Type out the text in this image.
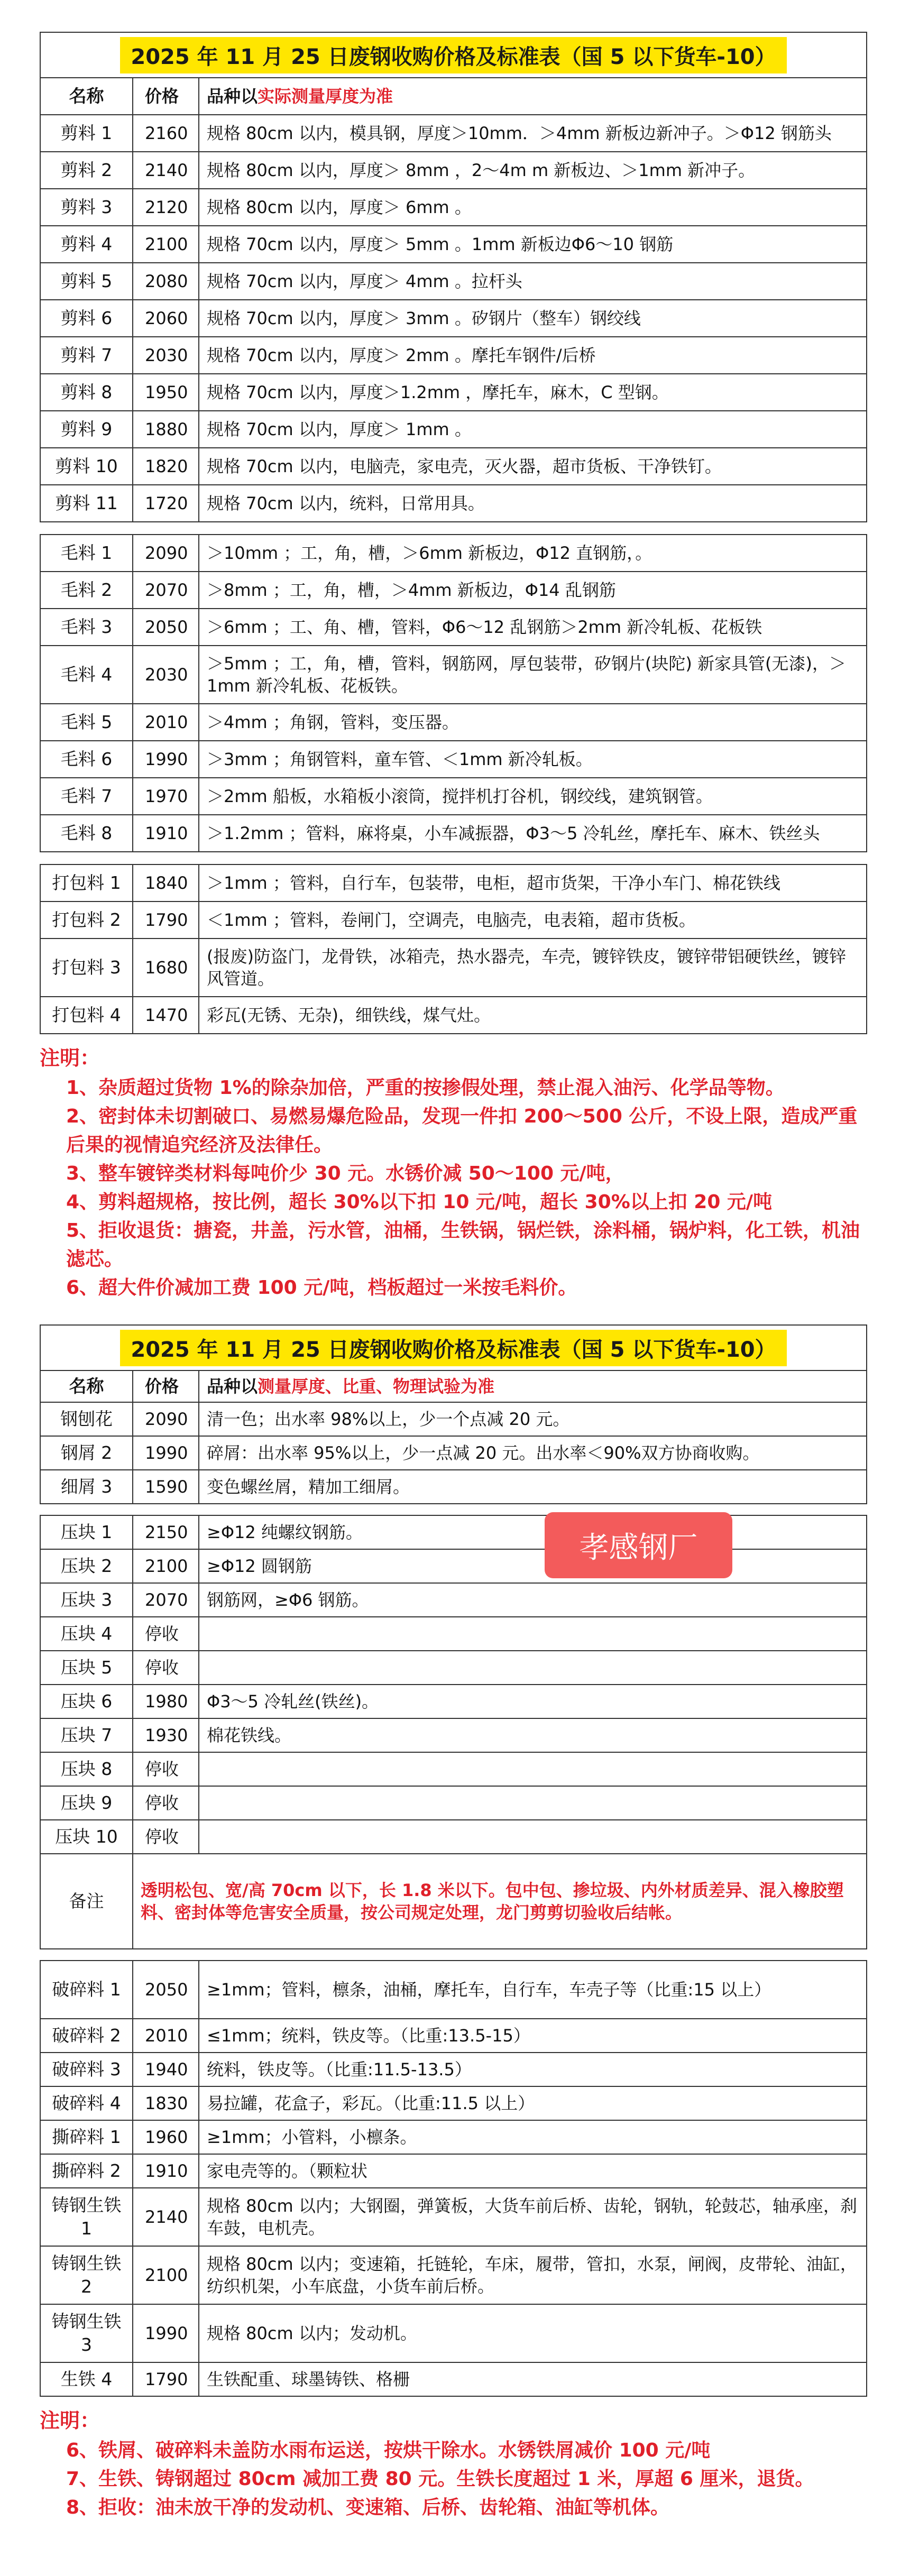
2025 年 11 月 25 日废钢收购价格及标准表（国 5 以下货车-10）
名称	价格	品种以实际测量厚度为准
剪料 1	2160	规格 80cm 以内，模具钢，厚度＞10mm．＞4mm 新板边新冲子。＞Φ12 钢筋头
剪料 2	2140	规格 80cm 以内，厚度＞ 8mm ，2～4m m 新板边、＞1mm 新冲子。
剪料 3	2120	规格 80cm 以内，厚度＞ 6mm 。
剪料 4	2100	规格 70cm 以内，厚度＞ 5mm 。1mm 新板边Φ6～10 钢筋
剪料 5	2080	规格 70cm 以内，厚度＞ 4mm 。拉杆头
剪料 6	2060	规格 70cm 以内，厚度＞ 3mm 。矽钢片（整车）钢绞线
剪料 7	2030	规格 70cm 以内，厚度＞ 2mm 。摩托车钢件/后桥
剪料 8	1950	规格 70cm 以内，厚度＞1.2mm ，摩托车，麻木，C 型钢。
剪料 9	1880	规格 70cm 以内，厚度＞ 1mm 。
剪料 10	1820	规格 70cm 以内，电脑壳，家电壳，灭火器，超市货板、干净铁钉。
剪料 11	1720	规格 70cm 以内，统料，日常用具。

毛料 1	2090	＞10mm ；工，角，槽，＞6mm 新板边，Φ12 直钢筋，。
毛料 2	2070	＞8mm ；工，角，槽，＞4mm 新板边，Φ14 乱钢筋
毛料 3	2050	＞6mm ；工、角、槽，管料，Φ6～12 乱钢筋＞2mm 新冷轧板、花板铁
毛料 4	2030	＞5mm ；工，角，槽，管料，钢筋网，厚包装带，矽钢片(块陀) 新家具管(无漆)，＞1mm 新冷轧板、花板铁。
毛料 5	2010	＞4mm ；角钢，管料，变压器。
毛料 6	1990	＞3mm ；角钢管料，童车管、＜1mm 新冷轧板。
毛料 7	1970	＞2mm 船板，水箱板小滚筒，搅拌机打谷机，钢绞线，建筑钢管。
毛料 8	1910	＞1.2mm ；管料，麻将桌，小车减振器，Φ3～5 冷轧丝，摩托车、麻木、铁丝头

打包料 1	1840	＞1mm ；管料，自行车，包装带，电柜，超市货架，干净小车门、棉花铁线
打包料 2	1790	＜1mm ；管料，卷闸门，空调壳，电脑壳，电表箱，超市货板。
打包料 3	1680	(报废)防盗门，龙骨铁，冰箱壳，热水器壳，车壳，镀锌铁皮，镀锌带铝硬铁丝，镀锌风管道。
打包料 4	1470	彩瓦(无锈、无杂)，细铁线，煤气灶。
注明：
1、杂质超过货物 1%的除杂加倍，严重的按掺假处理，禁止混入油污、化学品等物。
2、密封体未切割破口、易燃易爆危险品，发现一件扣 200～500 公斤，不设上限，造成严重后果的视情追究经济及法律任。
3、整车镀锌类材料每吨价少 30 元。水锈价减 50～100 元/吨，
4、剪料超规格，按比例，超长 30%以下扣 10 元/吨，超长 30%以上扣 20 元/吨
5、拒收退货：搪瓷，井盖，污水管，油桶，生铁锅，锅烂铁，涂料桶，锅炉料，化工铁，机油滤芯。
6、超大件价减加工费 100 元/吨，档板超过一米按毛料价。
2025 年 11 月 25 日废钢收购价格及标准表（国 5 以下货车-10）
名称	价格	品种以测量厚度、比重、物理试验为准
钢刨花	2090	清一色；出水率 98%以上，少一个点减 20 元。
钢屑 2	1990	碎屑：出水率 95%以上，少一点减 20 元。出水率＜90%双方协商收购。
细屑 3	1590	变色螺丝屑，精加工细屑。

压块 1	2150	≥Φ12 纯螺纹钢筋。
压块 2	2100	≥Φ12 圆钢筋
压块 3	2070	钢筋网，≥Φ6 钢筋。
压块 4	停收	
压块 5	停收	
压块 6	1980	Φ3～5 冷轧丝(铁丝)。
压块 7	1930	棉花铁线。
压块 8	停收	
压块 9	停收	
压块 10	停收	
备注	透明松包、宽/高 70cm 以下，长 1.8 米以下。包中包、掺垃圾、内外材质差异、混入橡胶塑料、密封体等危害安全质量，按公司规定处理，龙门剪剪切验收后结帐。	

破碎料 1	2050	≥1mm；管料，檩条，油桶，摩托车，自行车，车壳子等（比重:15 以上）
破碎料 2	2010	≤1mm；统料，铁皮等。（比重:13.5-15）
破碎料 3	1940	统料，铁皮等。（比重:11.5-13.5）
破碎料 4	1830	易拉罐，花盒子，彩瓦。（比重:11.5 以上）
撕碎料 1	1960	≥1mm；小管料，小檩条。
撕碎料 2	1910	家电壳等的。（颗粒状
铸钢生铁 1	2140	规格 80cm 以内；大钢圈，弹簧板，大货车前后桥、齿轮，钢轨，轮鼓芯，轴承座，刹车鼓，电机壳。
铸钢生铁 2	2100	规格 80cm 以内；变速箱，托链轮，车床，履带，管扣，水泵，闸阀，皮带轮、油缸，纺织机架，小车底盘，小货车前后桥。
铸钢生铁 3	1990	规格 80cm 以内；发动机。
生铁 4	1790	生铁配重、球墨铸铁、格栅
注明：
6、铁屑、破碎料未盖防水雨布运送，按烘干除水。水锈铁屑减价 100 元/吨
7、生铁、铸钢超过 80cm 减加工费 80 元。生铁长度超过 1 米，厚超 6 厘米，退货。
8、拒收：油未放干净的发动机、变速箱、后桥、齿轮箱、油缸等机体。
孝感钢厂
